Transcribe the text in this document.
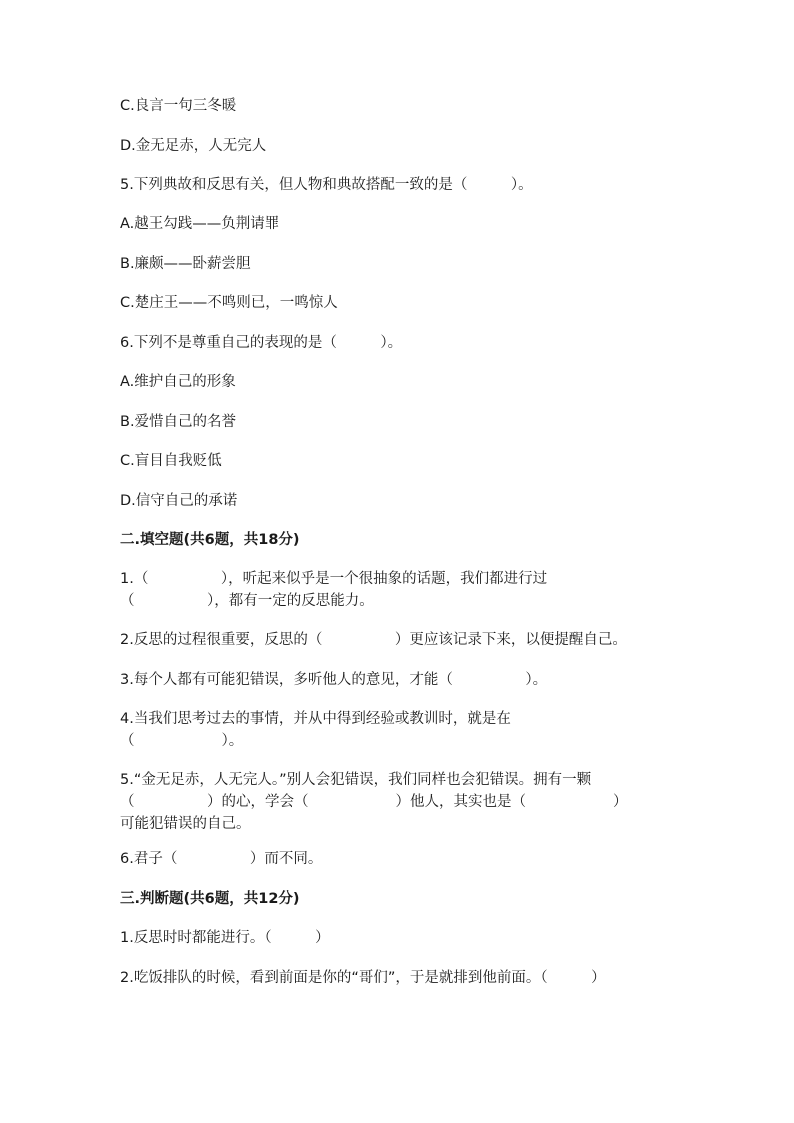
C.良言一句三冬暖
D.金无足赤，人无完人
5.下列典故和反思有关，但人物和典故搭配一致的是（　　　）。
A.越王勾践——负荆请罪
B.廉颇——卧薪尝胆
C.楚庄王——不鸣则已，一鸣惊人
6.下列不是尊重自己的表现的是（　　　）。
A.维护自己的形象
B.爱惜自己的名誉
C.盲目自我贬低
D.信守自己的承诺
二.填空题(共6题，共18分)
1.（　　　　　），听起来似乎是一个很抽象的话题，我们都进行过
（　　　　　），都有一定的反思能力。
2.反思的过程很重要，反思的（　　　　　）更应该记录下来，以便提醒自己。
3.每个人都有可能犯错误，多听他人的意见，才能（　　　　　）。
4.当我们思考过去的事情，并从中得到经验或教训时，就是在
（　　　　　　）。
5.“金无足赤，人无完人。”别人会犯错误，我们同样也会犯错误。拥有一颗
（　　　　　）的心，学会（　　　　　　）他人，其实也是（　　　　　　）
可能犯错误的自己。
6.君子（　　　　　）而不同。
三.判断题(共6题，共12分)
1.反思时时都能进行。（　　　）
2.吃饭排队的时候，看到前面是你的“哥们”，于是就排到他前面。（　　　）
